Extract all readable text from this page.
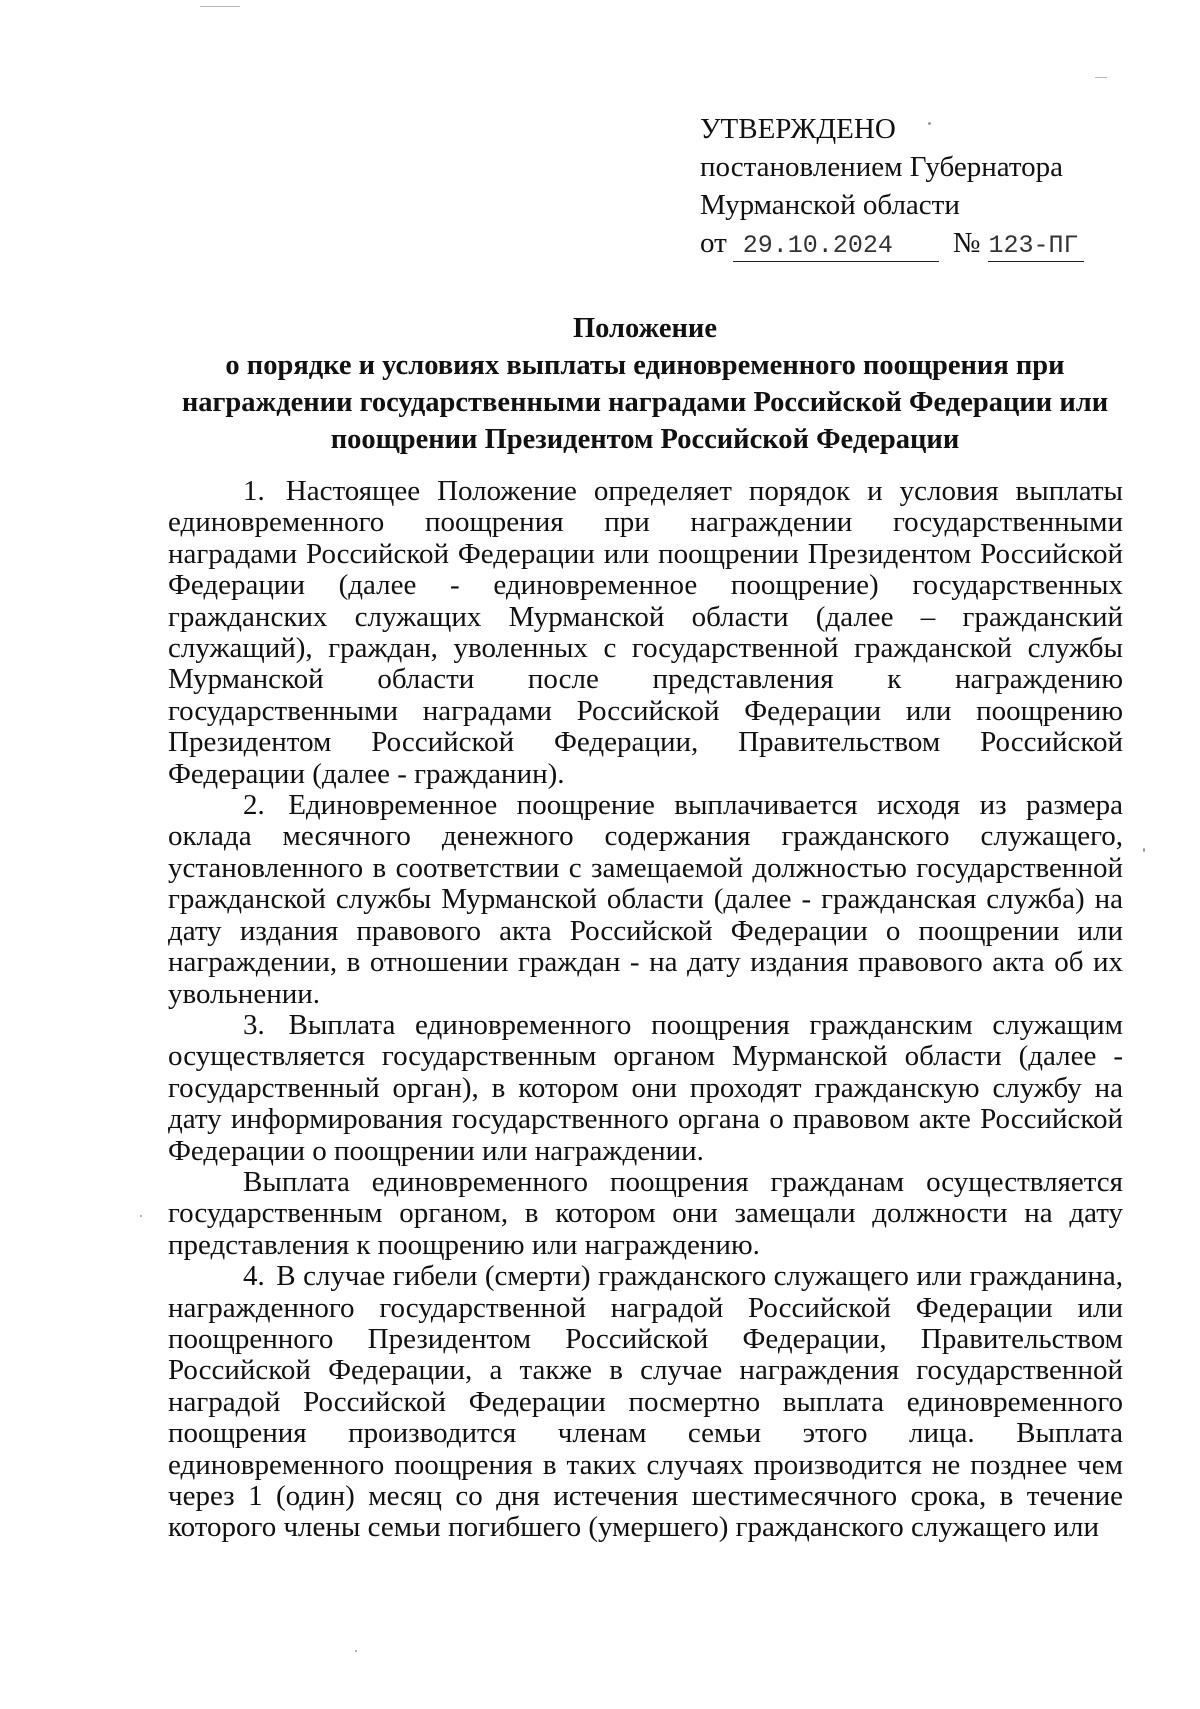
УТВЕРЖДЕНО
постановлением Губернатора
Мурманской области
от 29.10.2024	№ 123-ПГ
Положение
о порядке и условиях выплаты единовременного поощрения при
награждении государственными наградами Российской Федерации или
поощрении Президентом Российской Федерации

1. Настоящее Положение определяет порядок и условия выплаты единовременного поощрения при награждении государственными наградами Российской Федерации или поощрении Президентом Российской Федерации (далее - единовременное поощрение) государственных гражданских служащих Мурманской области (далее – гражданский служащий), граждан, уволенных с государственной гражданской службы Мурманской области после представления к награждению государственными наградами Российской Федерации или поощрению Президентом Российской Федерации, Правительством Российской Федерации (далее - гражданин).

2. Единовременное поощрение выплачивается исходя из размера оклада месячного денежного содержания гражданского служащего, установленного в соответствии с замещаемой должностью государственной гражданской службы Мурманской области (далее - гражданская служба) на дату издания правового акта Российской Федерации о поощрении или награждении, в отношении граждан - на дату издания правового акта об их увольнении.

3. Выплата единовременного поощрения гражданским служащим осуществляется государственным органом Мурманской области (далее - государственный орган), в котором они проходят гражданскую службу на дату информирования государственного органа о правовом акте Российской Федерации о поощрении или награждении.

Выплата единовременного поощрения гражданам осуществляется государственным органом, в котором они замещали должности на дату представления к поощрению или награждению.

4. В случае гибели (смерти) гражданского служащего или гражданина, награжденного государственной наградой Российской Федерации или поощренного Президентом Российской Федерации, Правительством Российской Федерации, а также в случае награждения государственной наградой Российской Федерации посмертно выплата единовременного поощрения производится членам семьи этого лица. Выплата единовременного поощрения в таких случаях производится не позднее чем через 1 (один) месяц со дня истечения шестимесячного срока, в течение которого члены семьи погибшего (умершего) гражданского служащего или
